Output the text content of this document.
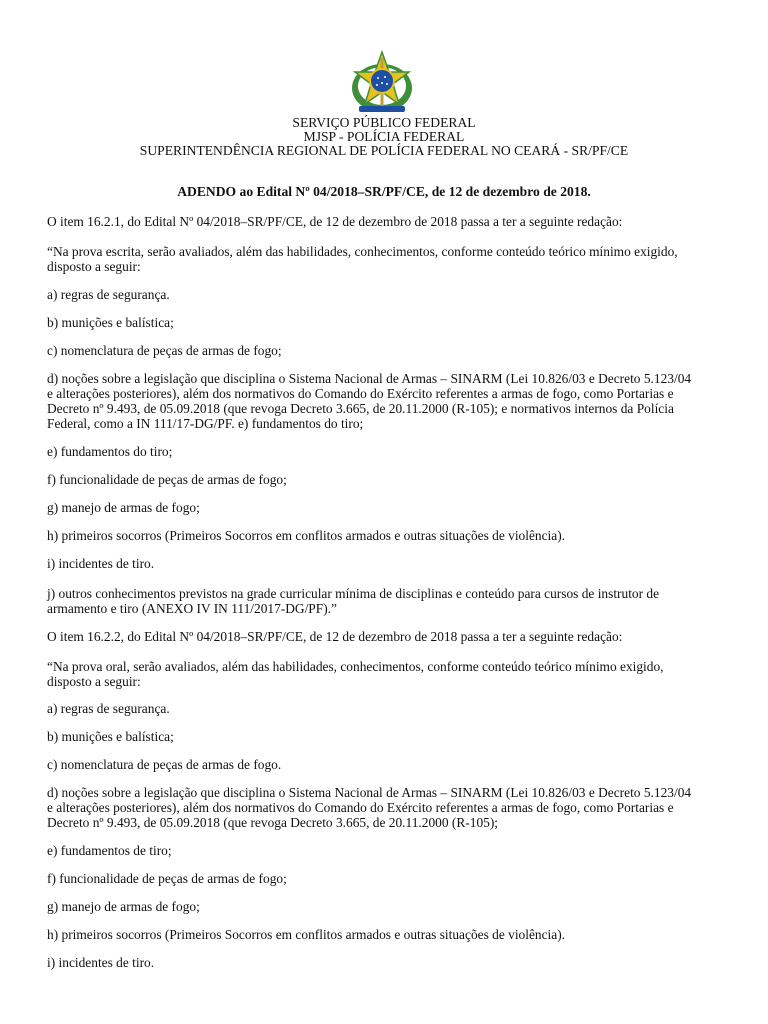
SERVIÇO PÚBLICO FEDERAL
MJSP - POLÍCIA FEDERAL
SUPERINTENDÊNCIA REGIONAL DE POLÍCIA FEDERAL NO CEARÁ - SR/PF/CE
ADENDO ao Edital Nº 04/2018–SR/PF/CE, de 12 de dezembro de 2018.
O item 16.2.1, do Edital Nº 04/2018–SR/PF/CE, de 12 de dezembro de 2018 passa a ter a seguinte redação:
“Na prova escrita, serão avaliados, além das habilidades, conhecimentos, conforme conteúdo teórico mínimo exigido,
disposto a seguir:
a) regras de segurança.
b) munições e balística;
c) nomenclatura de peças de armas de fogo;
d) noções sobre a legislação que disciplina o Sistema Nacional de Armas – SINARM (Lei 10.826/03 e Decreto 5.123/04
e alterações posteriores), além dos normativos do Comando do Exército referentes a armas de fogo, como Portarias e
Decreto nº 9.493, de 05.09.2018 (que revoga Decreto 3.665, de 20.11.2000 (R-105); e normativos internos da Polícia
Federal, como a IN 111/17-DG/PF. e) fundamentos do tiro;
e) fundamentos do tiro;
f) funcionalidade de peças de armas de fogo;
g) manejo de armas de fogo;
h) primeiros socorros (Primeiros Socorros em conflitos armados e outras situações de violência).
i) incidentes de tiro.
j) outros conhecimentos previstos na grade curricular mínima de disciplinas e conteúdo para cursos de instrutor de
armamento e tiro (ANEXO IV IN 111/2017-DG/PF).”
O item 16.2.2, do Edital Nº 04/2018–SR/PF/CE, de 12 de dezembro de 2018 passa a ter a seguinte redação:
“Na prova oral, serão avaliados, além das habilidades, conhecimentos, conforme conteúdo teórico mínimo exigido,
disposto a seguir:
a) regras de segurança.
b) munições e balística;
c) nomenclatura de peças de armas de fogo.
d) noções sobre a legislação que disciplina o Sistema Nacional de Armas – SINARM (Lei 10.826/03 e Decreto 5.123/04
e alterações posteriores), além dos normativos do Comando do Exército referentes a armas de fogo, como Portarias e
Decreto nº 9.493, de 05.09.2018 (que revoga Decreto 3.665, de 20.11.2000 (R-105);
e) fundamentos de tiro;
f) funcionalidade de peças de armas de fogo;
g) manejo de armas de fogo;
h) primeiros socorros (Primeiros Socorros em conflitos armados e outras situações de violência).
i) incidentes de tiro.
